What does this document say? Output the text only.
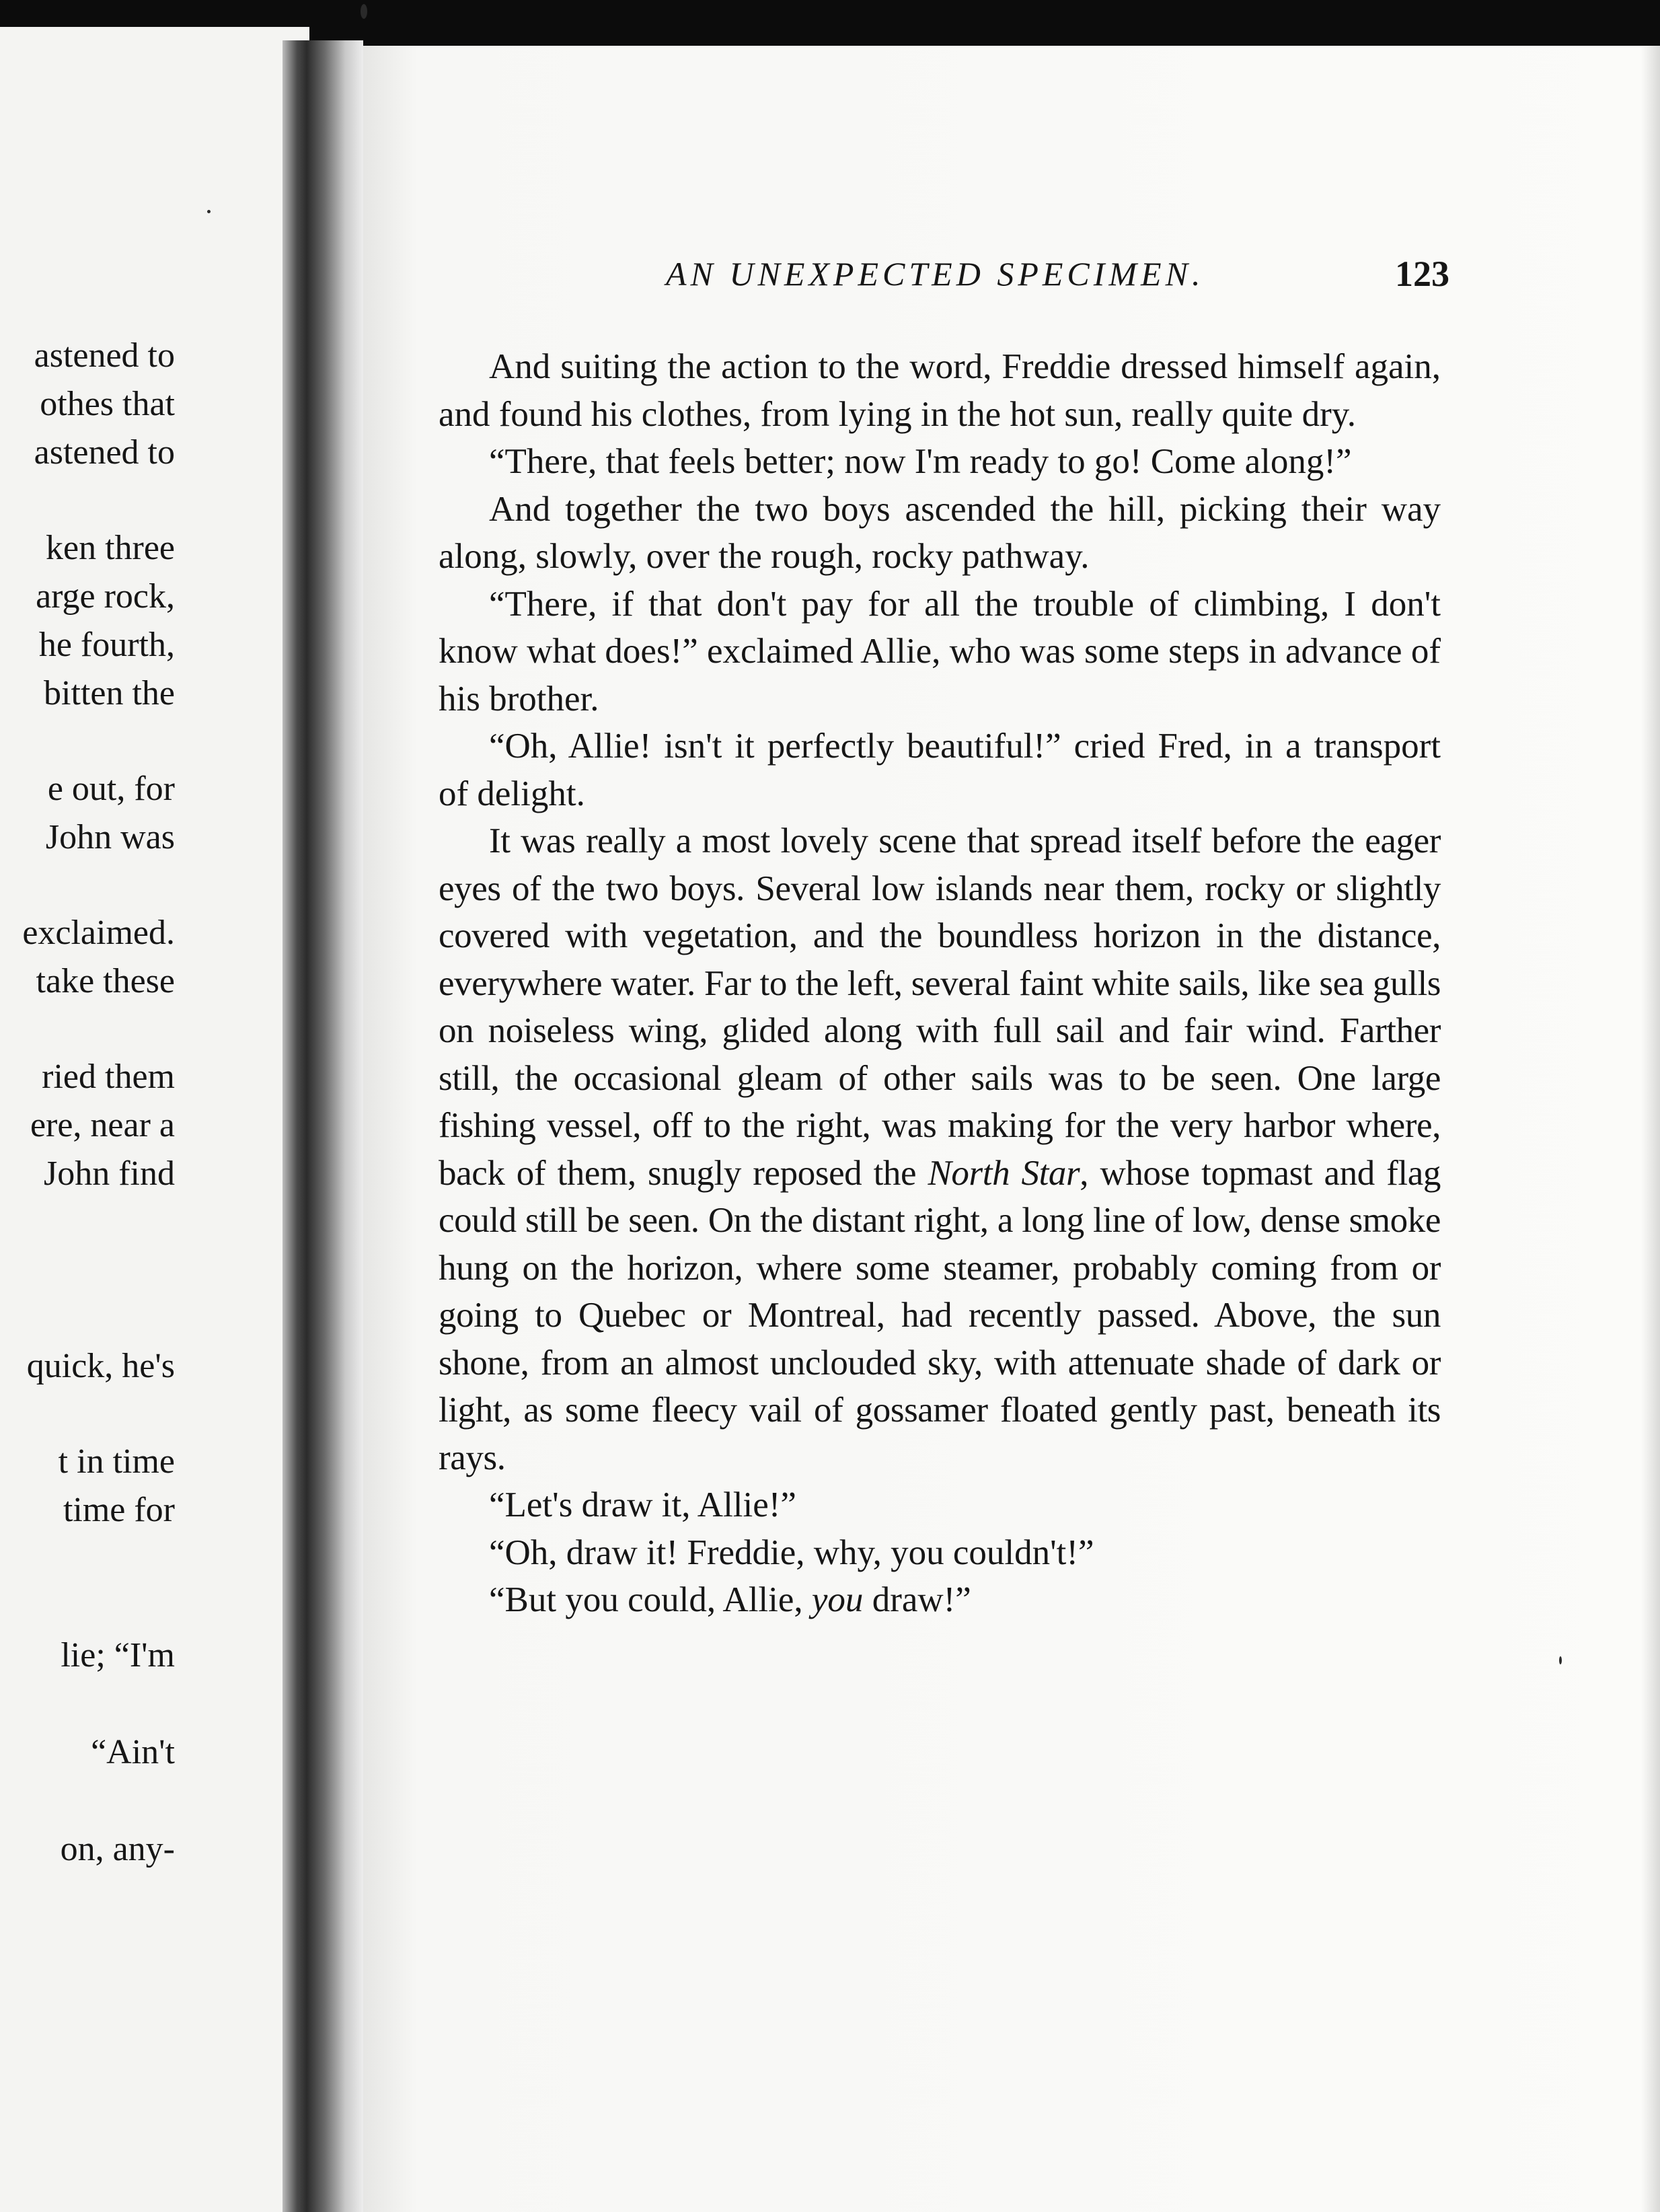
astened to
othes that
astened to
ken three
arge rock,
he fourth,
bitten the
e out, for
John was
exclaimed.
take these
ried them
ere, near a
John find
quick, he's
t in time
time for
lie; “I'm
“Ain't
on, any-
AN UNEXPECTED SPECIMEN.	123

And suiting the action to the word, Freddie dressed himself again, and found his clothes, from lying in the hot sun, really quite dry.

“There, that feels better; now I'm ready to go! Come along!”

And together the two boys ascended the hill, picking their way along, slowly, over the rough, rocky pathway.

“There, if that don't pay for all the trouble of climbing, I don't know what does!” exclaimed Allie, who was some steps in advance of his brother.

“Oh, Allie! isn't it perfectly beautiful!” cried Fred, in a transport of delight.

It was really a most lovely scene that spread itself before the eager eyes of the two boys. Several low islands near them, rocky or slightly covered with vegetation, and the boundless horizon in the distance, everywhere water. Far to the left, several faint white sails, like sea gulls on noiseless wing, glided along with full sail and fair wind. Farther still, the occasional gleam of other sails was to be seen. One large fishing vessel, off to the right, was making for the very harbor where, back of them, snugly reposed the North Star, whose topmast and flag could still be seen. On the distant right, a long line of low, dense smoke hung on the horizon, where some steamer, probably coming from or going to Quebec or Montreal, had recently passed. Above, the sun shone, from an almost unclouded sky, with attenuate shade of dark or light, as some fleecy vail of gossamer floated gently past, beneath its rays.

“Let's draw it, Allie!”

“Oh, draw it! Freddie, why, you couldn't!”

“But you could, Allie, you draw!”
